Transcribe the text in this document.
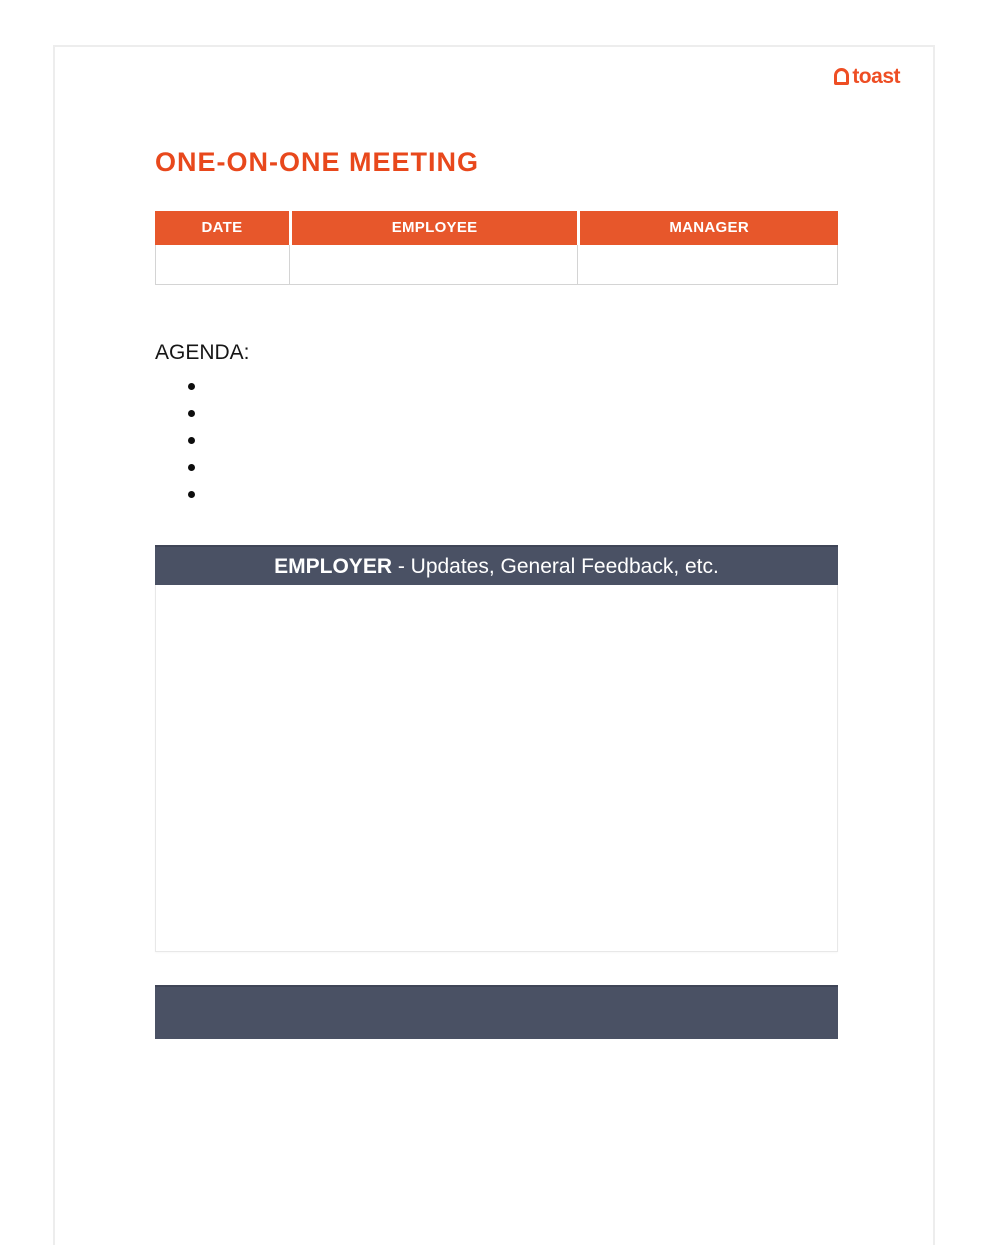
toast
ONE-ON-ONE MEETING
DATE	EMPLOYEE	MANAGER
AGENDA:
EMPLOYER - Updates, General Feedback, etc.
